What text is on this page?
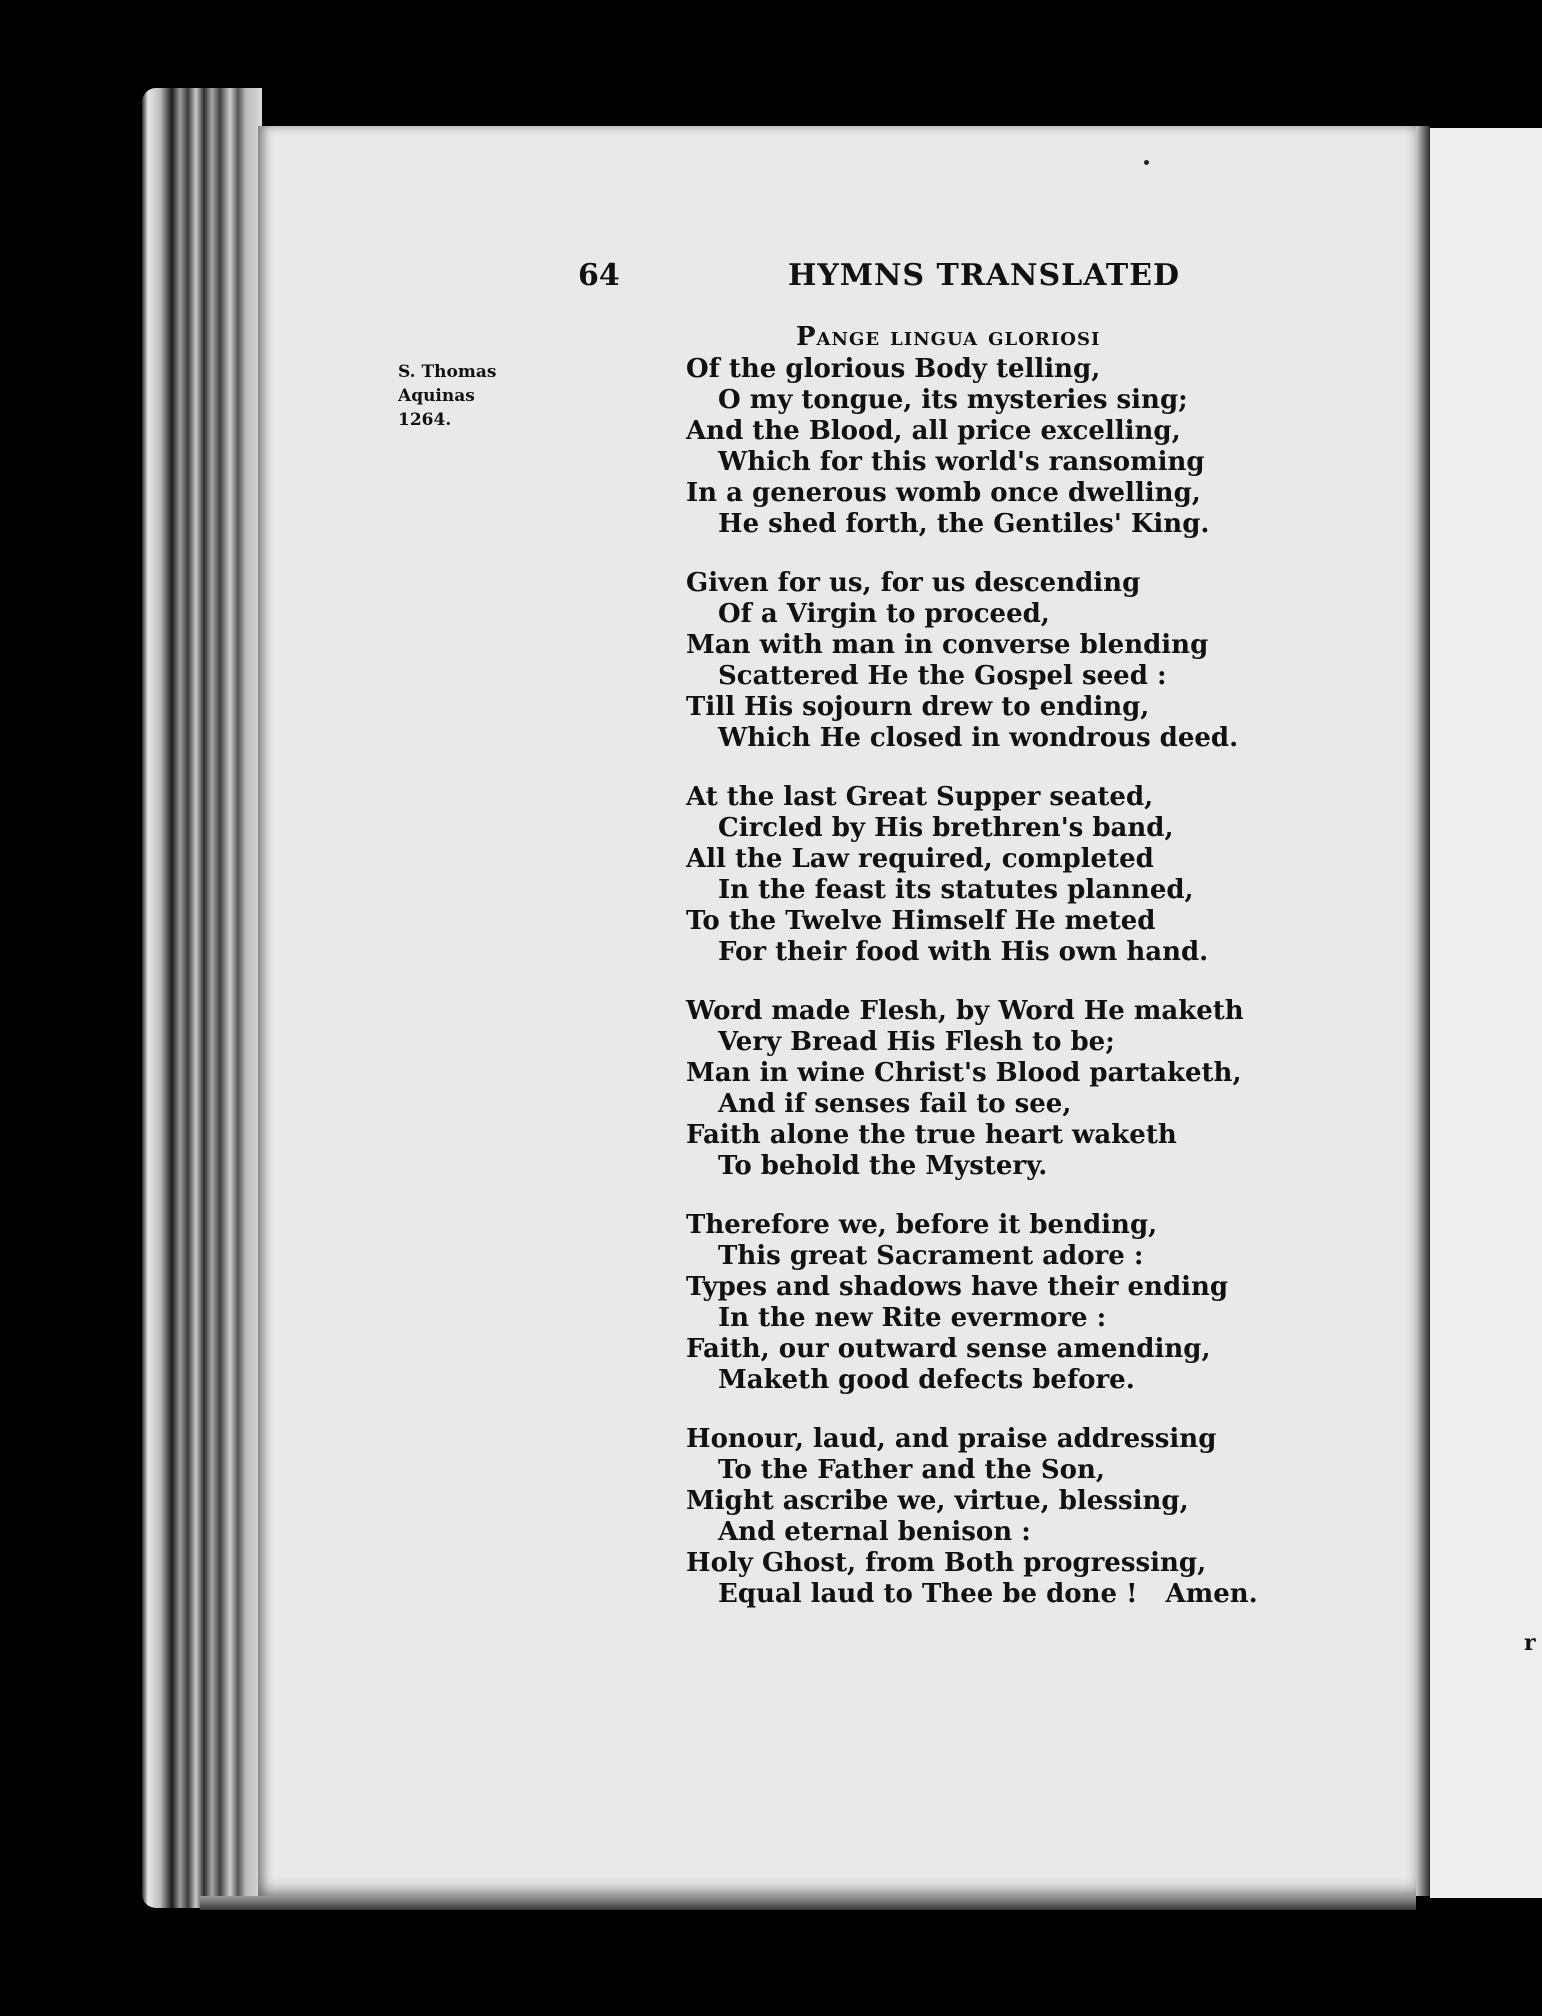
r
64	HYMNS TRANSLATED
Pange lingua gloriosi
S. Thomas
Aquinas
1264.
Of the glorious Body telling,
O my tongue, its mysteries sing;
And the Blood, all price excelling,
Which for this world's ransoming
In a generous womb once dwelling,
He shed forth, the Gentiles' King.
Given for us, for us descending
Of a Virgin to proceed,
Man with man in converse blending
Scattered He the Gospel seed :
Till His sojourn drew to ending,
Which He closed in wondrous deed.
At the last Great Supper seated,
Circled by His brethren's band,
All the Law required, completed
In the feast its statutes planned,
To the Twelve Himself He meted
For their food with His own hand.
Word made Flesh, by Word He maketh
Very Bread His Flesh to be;
Man in wine Christ's Blood partaketh,
And if senses fail to see,
Faith alone the true heart waketh
To behold the Mystery.
Therefore we, before it bending,
This great Sacrament adore :
Types and shadows have their ending
In the new Rite evermore :
Faith, our outward sense amending,
Maketh good defects before.
Honour, laud, and praise addressing
To the Father and the Son,
Might ascribe we, virtue, blessing,
And eternal benison :
Holy Ghost, from Both progressing,
Equal laud to Thee be done ! Amen.
